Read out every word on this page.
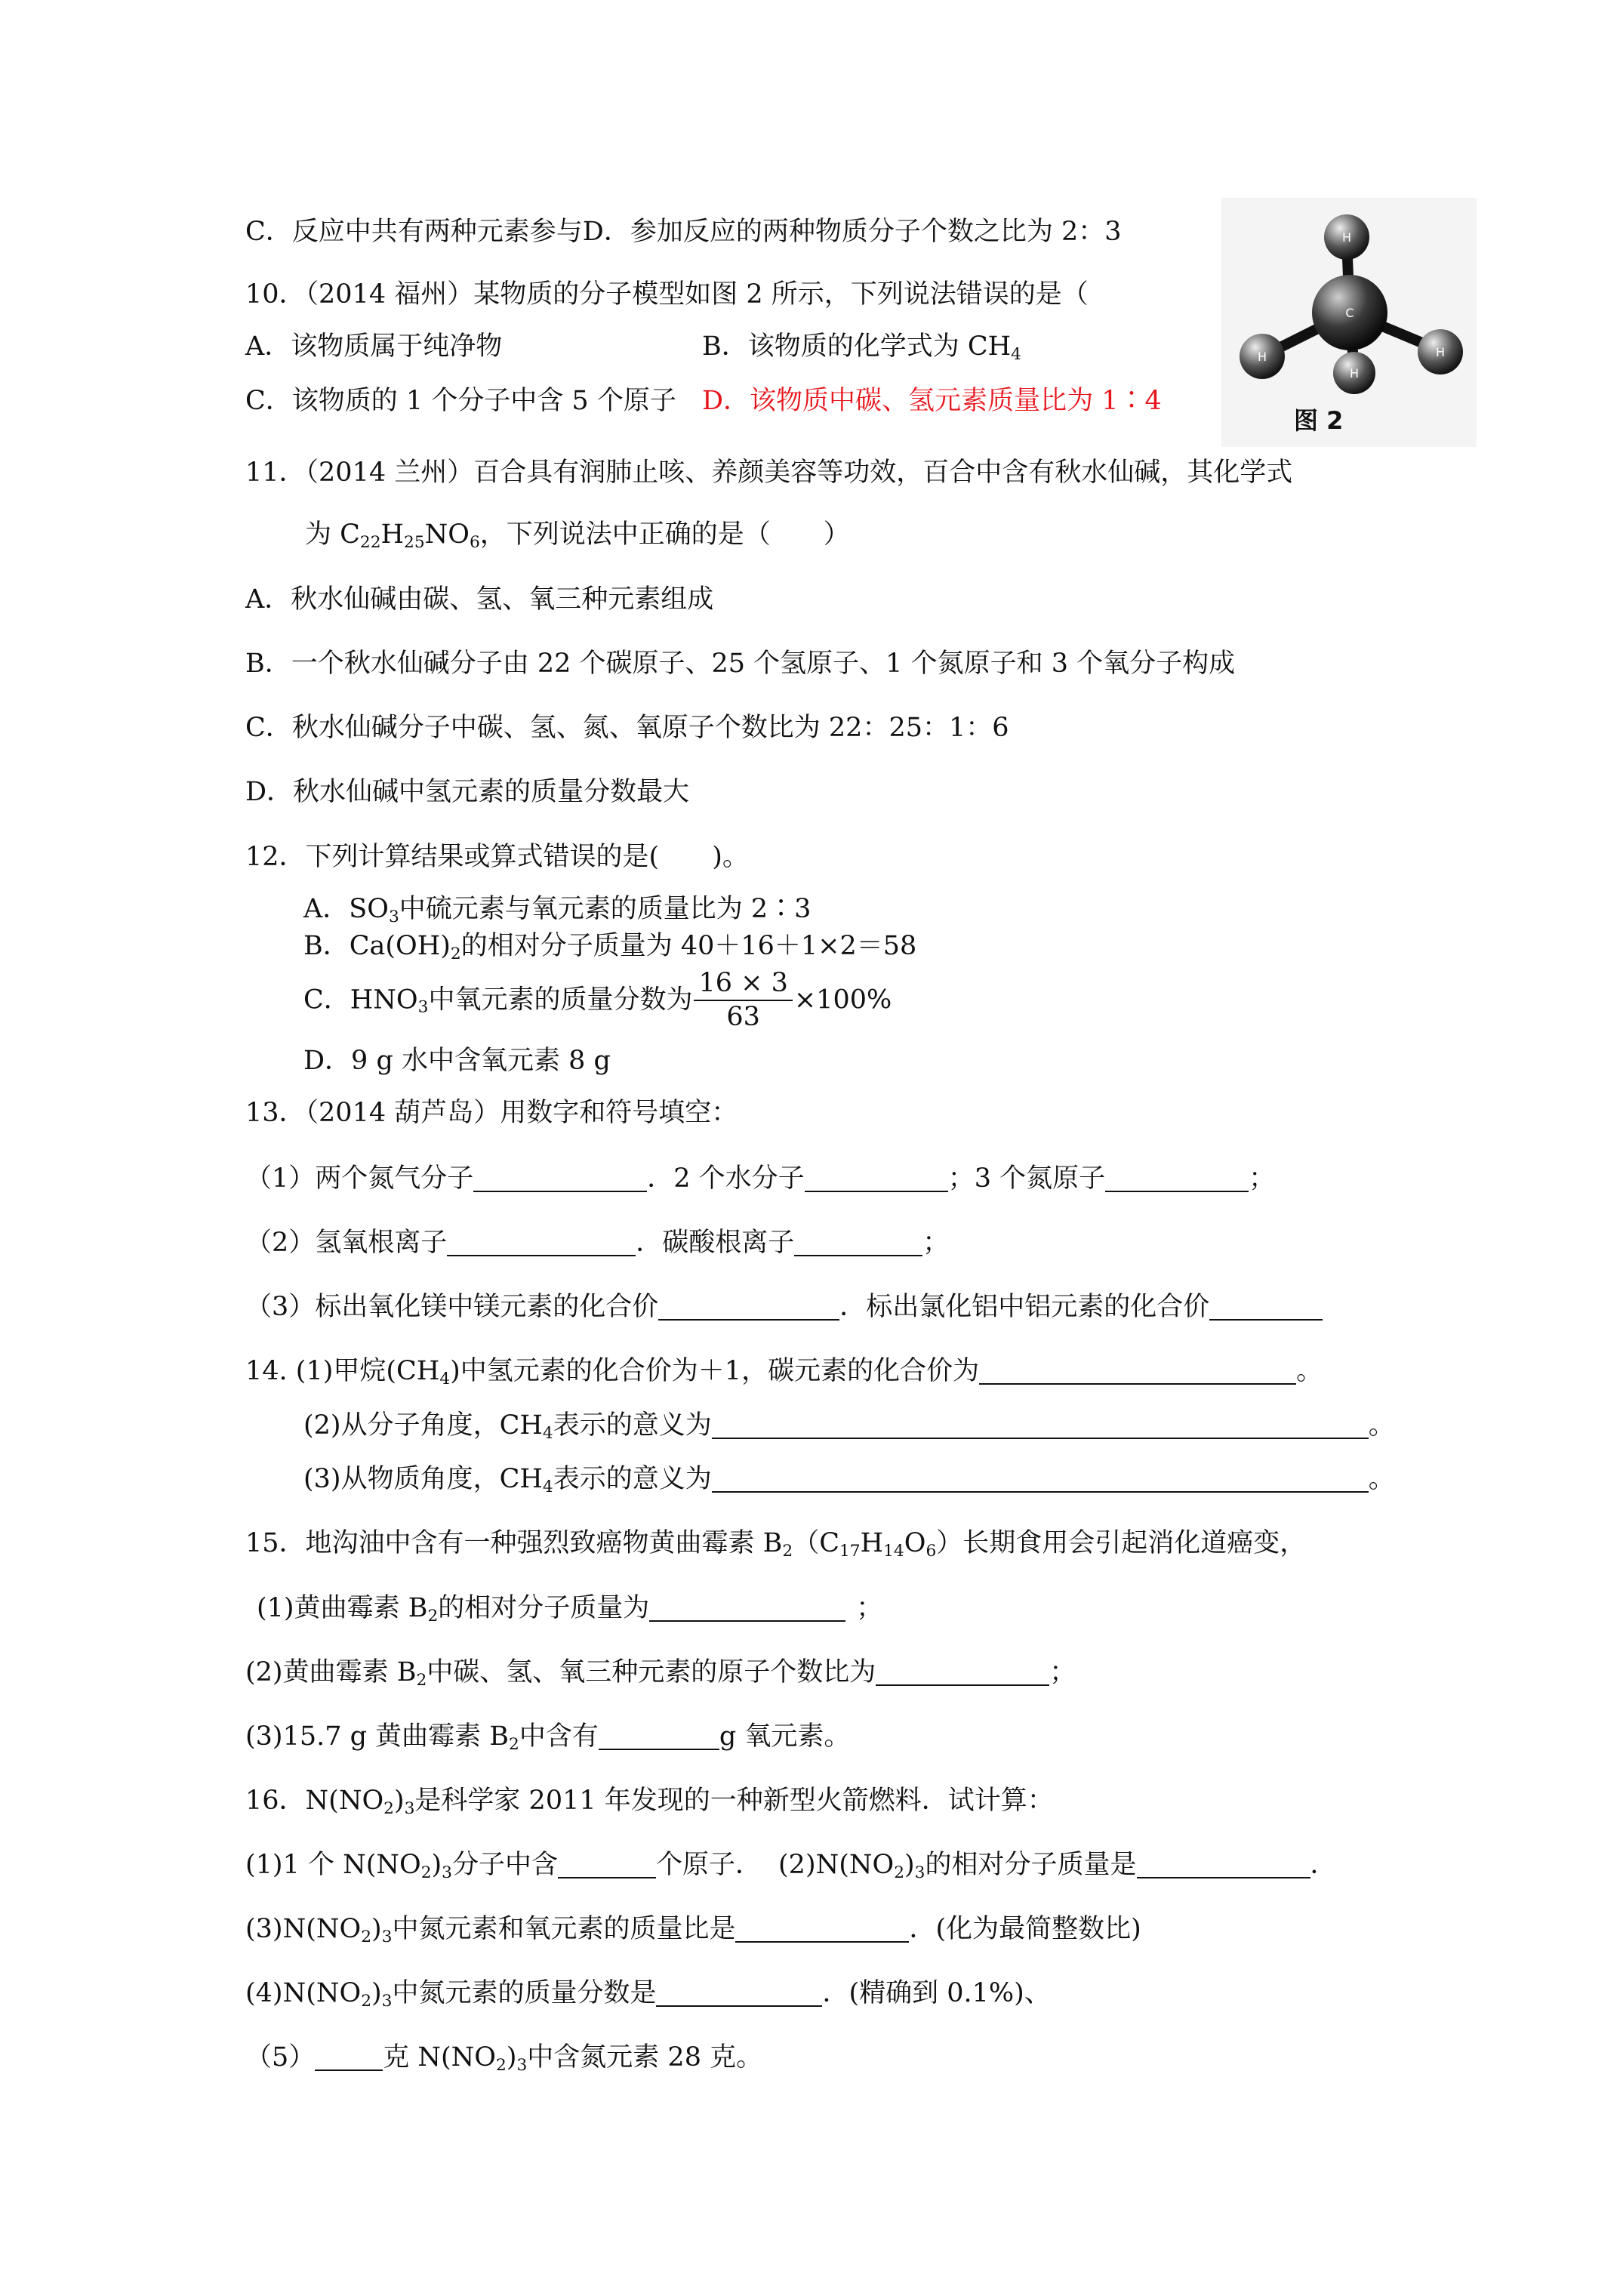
C．反应中共有两种元素参与D．参加反应的两种物质分子个数之比为 2：3
10．（2014 福州）某物质的分子模型如图 2 所示，下列说法错误的是（
A．该物质属于纯净物	B．该物质的化学式为 $CH_4$
C．该物质的 1 个分子中含 5 个原子 D．该物质中碳、氢元素质量比为 1∶4
H
H	H
H
C
图 2
11．（2014 兰州）百合具有润肺止咳、养颜美容等功效，百合中含有秋水仙碱，其化学式
为 $C_{22}H_{25}NO_6$，下列说法中正确的是（　　）
A．秋水仙碱由碳、氢、氧三种元素组成
B．一个秋水仙碱分子由 22 个碳原子、25 个氢原子、1 个氮原子和 3 个氧分子构成
C．秋水仙碱分子中碳、氢、氮、氧原子个数比为 22：25：1：6
D．秋水仙碱中氢元素的质量分数最大
12．下列计算结果或算式错误的是(　　)。
A．$SO_3$中硫元素与氧元素的质量比为 2∶3
B．$Ca(OH)_2$的相对分子质量为 40＋16＋1×2＝58
C．$HNO_3$中氧元素的质量分数为 $\frac{16 \times 3}{63} \times 100\%$
D．9 g 水中含氧元素 8 g
13．（2014 葫芦岛）用数字和符号填空：
（1）两个氮气分子	．2 个水分子	；3 个氮原子	；
（2）氢氧根离子	．碳酸根离子	；
（3）标出氧化镁中镁元素的化合价	．标出氯化铝中铝元素的化合价
14. (1)甲烷$(CH_4)$中氢元素的化合价为＋1，碳元素的化合价为	。
(2)从分子角度，$CH_4$表示的意义为	。
(3)从物质角度，$CH_4$表示的意义为	。
15．地沟油中含有一种强烈致癌物黄曲霉素 $B_2(C_{17}H_{14}O_6)$长期食用会引起消化道癌变，
(1)黄曲霉素 $B_2$的相对分子质量为	；
(2)黄曲霉素 $B_2$中碳、氢、氧三种元素的原子个数比为	；
(3)15.7 g 黄曲霉素 $B_2$中含有	g 氧元素。
16．$N(NO_2)_3$是科学家 2011 年发现的一种新型火箭燃料．试计算：
(1)1 个 $N(NO_2)_3$分子中含	个原子． $(2)N(NO_2)_3$的相对分子质量是	．
$(3)N(NO_2)_3$中氮元素和氧元素的质量比是	．(化为最简整数比)
$(4)N(NO_2)_3$中氮元素的质量分数是	．(精确到 0.1%)、
（5）	克 $N(NO_2)_3$中含氮元素 28 克。
